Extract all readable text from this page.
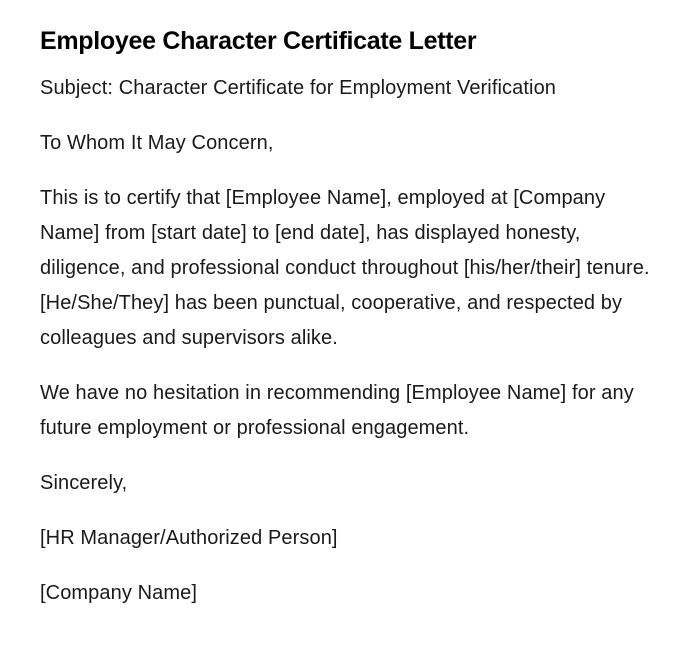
Employee Character Certificate Letter

Subject: Character Certificate for Employment Verification

To Whom It May Concern,

This is to certify that [Employee Name], employed at [Company Name] from [start date] to [end date], has displayed honesty, diligence, and professional conduct throughout [his/her/their] tenure. [He/She/They] has been punctual, cooperative, and respected by colleagues and supervisors alike.

We have no hesitation in recommending [Employee Name] for any future employment or professional engagement.

Sincerely,

[HR Manager/Authorized Person]

[Company Name]
